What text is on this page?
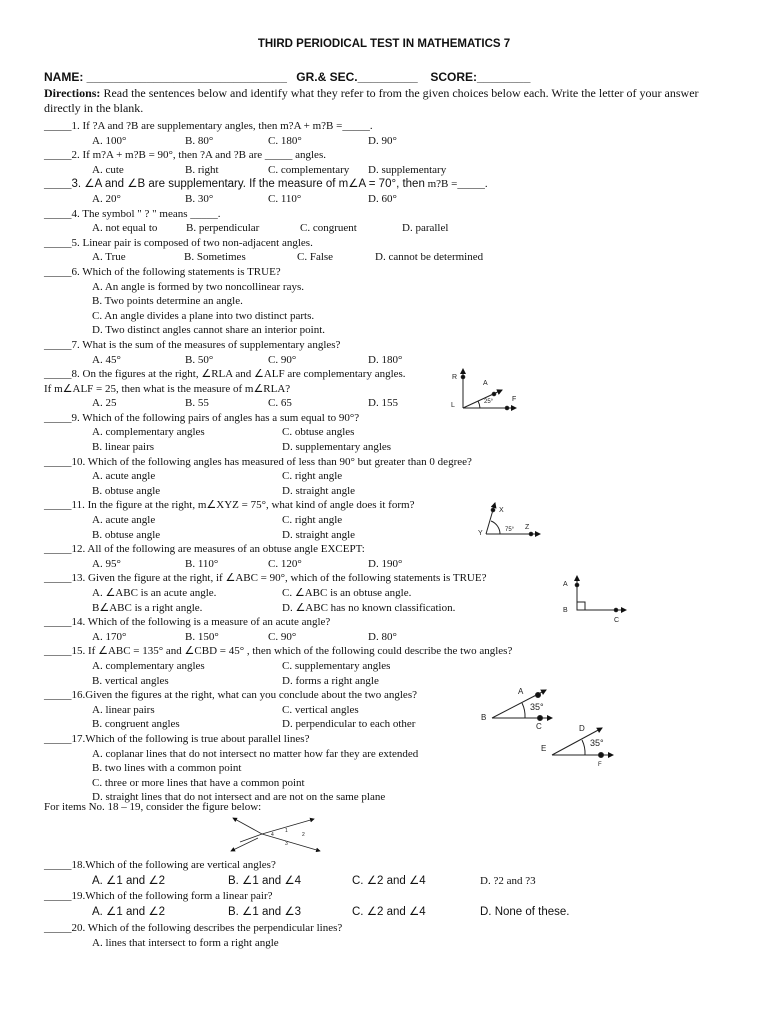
THIRD PERIODICAL TEST IN MATHEMATICS 7
NAME: ______________________________ GR.& SEC._________ SCORE:________
Directions: Read the sentences below and identify what they refer to from the given choices below each. Write the letter of your answer directly in the blank.
_____1. If ?A and ?B are supplementary angles, then m?A + m?B =_____.
A. 100°	B. 80°	C. 180°	D. 90°
_____2. If m?A + m?B = 90°, then ?A and ?B are _____ angles.
A. cute	B. right	C. complementary D. supplementary
_____3. ∠A and ∠B are supplementary. If the measure of m∠A = 70°, then m?B =_____.
A. 20°	B. 30°	C. 110°	D. 60°
_____4. The symbol " ? " means _____.
A. not equal to	B. perpendicular	C. congruent	D. parallel
_____5. Linear pair is composed of two non-adjacent angles.
A. True	B. Sometimes	C. False	D. cannot be determined
_____6. Which of the following statements is TRUE?
A. An angle is formed by two noncollinear rays.
B. Two points determine an angle.
C. An angle divides a plane into two distinct parts.
D. Two distinct angles cannot share an interior point.
_____7. What is the sum of the measures of supplementary angles?
A. 45°	B. 50°	C. 90°	D. 180°
_____8. On the figures at the right, ∠RLA and ∠ALF are complementary angles.
If m∠ALF = 25, then what is the measure of m∠RLA?
A. 25	B. 55	C. 65	D. 155
_____9. Which of the following pairs of angles has a sum equal to 90°?
A. complementary angles	C. obtuse angles
B. linear pairs	D. supplementary angles
_____10. Which of the following angles has measured of less than 90° but greater than 0 degree?
A. acute angle	C. right angle
B. obtuse angle	D. straight angle
_____11. In the figure at the right, m∠XYZ = 75°, what kind of angle does it form?
A. acute angle	C. right angle
B. obtuse angle	D. straight angle
_____12. All of the following are measures of an obtuse angle EXCEPT:
A. 95°	B. 110°	C. 120°	D. 190°
_____13. Given the figure at the right, if ∠ABC = 90°, which of the following statements is TRUE?
A. ∠ABC is an acute angle.	C. ∠ABC is an obtuse angle.
B∠ABC is a right angle.	D. ∠ABC has no known classification.
_____14. Which of the following is a measure of an acute angle?
A. 170°	B. 150°	C. 90°	D. 80°
_____15. If ∠ABC = 135° and ∠CBD = 45° , then which of the following could describe the two angles?
A. complementary angles	C. supplementary angles
B. vertical angles	D. forms a right angle
_____16.Given the figures at the right, what can you conclude about the two angles?
A. linear pairs	C. vertical angles
B. congruent angles	D. perpendicular to each other
_____17.Which of the following is true about parallel lines?
A. coplanar lines that do not intersect no matter how far they are extended
B. two lines with a common point
C. three or more lines that have a common point
D. straight lines that do not intersect and are not on the same plane
For items No. 18 – 19, consider the figure below:
_____18.Which of the following are vertical angles?
A. ∠1 and ∠2	B. ∠1 and ∠4	C. ∠2 and ∠4	D. ?2 and ?3
_____19.Which of the following form a linear pair?
A. ∠1 and ∠2	B. ∠1 and ∠3	C. ∠2 and ∠4	D. None of these.
_____20. Which of the following describes the perpendicular lines?
A. lines that intersect to form a right angle
R
A
L
F
25°
X
Y
Z
75°
A
B
C
A
B
C
35°
D
E
F
35°
1
2
3
4
